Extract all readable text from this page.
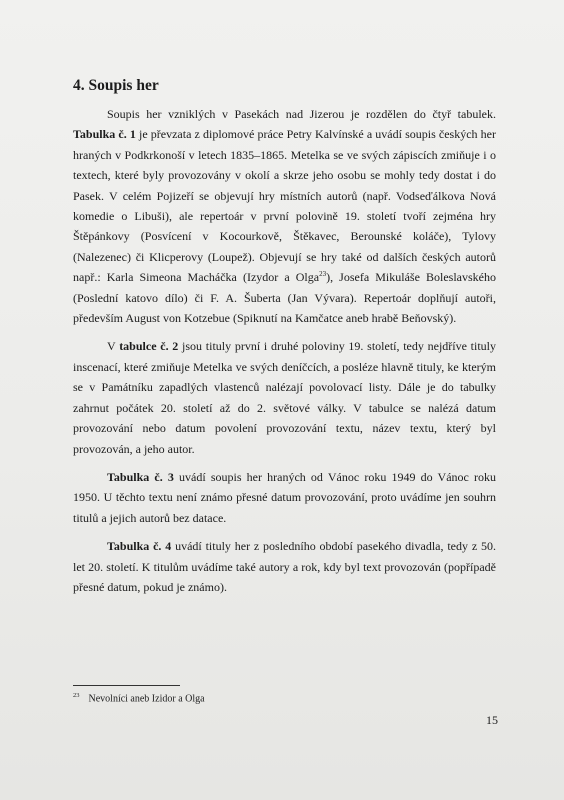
4. Soupis her

Soupis her vzniklých v Pasekách nad Jizerou je rozdělen do čtyř tabulek. Tabulka č. 1 je převzata z diplomové práce Petry Kalvínské a uvádí soupis českých her hraných v Podkrkonoší v letech 1835–1865. Metelka se ve svých zápiscích zmiňuje i o textech, které byly provozovány v okolí a skrze jeho osobu se mohly tedy dostat i do Pasek. V celém Pojizeří se objevují hry místních autorů (např. Vodseďálkova Nová komedie o Libuši), ale repertoár v první polovině 19. století tvoří zejména hry Štěpánkovy (Posvícení v Kocourkově, Štěkavec, Berounské koláče), Tylovy (Nalezenec) či Klicperovy (Loupež). Objevují se hry také od dalších českých autorů např.: Karla Simeona Macháčka (Izydor a Olga$^{23}$), Josefa Mikuláše Boleslavského (Poslední katovo dílo) či F. A. Šuberta (Jan Vývara). Repertoár doplňují autoři, především August von Kotzebue (Spiknutí na Kamčatce aneb hrabě Beňovský).

V tabulce č. 2 jsou tituly první i druhé poloviny 19. století, tedy nejdříve tituly inscenací, které zmiňuje Metelka ve svých deníčcích, a posléze hlavně tituly, ke kterým se v Památníku zapadlých vlastenců nalézají povolovací listy. Dále je do tabulky zahrnut počátek 20. století až do 2. světové války. V tabulce se nalézá datum provozování nebo datum povolení provozování textu, název textu, který byl provozován, a jeho autor.

Tabulka č. 3 uvádí soupis her hraných od Vánoc roku 1949 do Vánoc roku 1950. U těchto textu není známo přesné datum provozování, proto uvádíme jen souhrn titulů a jejich autorů bez datace.

Tabulka č. 4 uvádí tituly her z posledního období pasekého divadla, tedy z 50. let 20. století. K titulům uvádíme také autory a rok, kdy byl text provozován (popřípadě přesné datum, pokud je známo).

$^{23}$ Nevolníci aneb Izidor a Olga
15
